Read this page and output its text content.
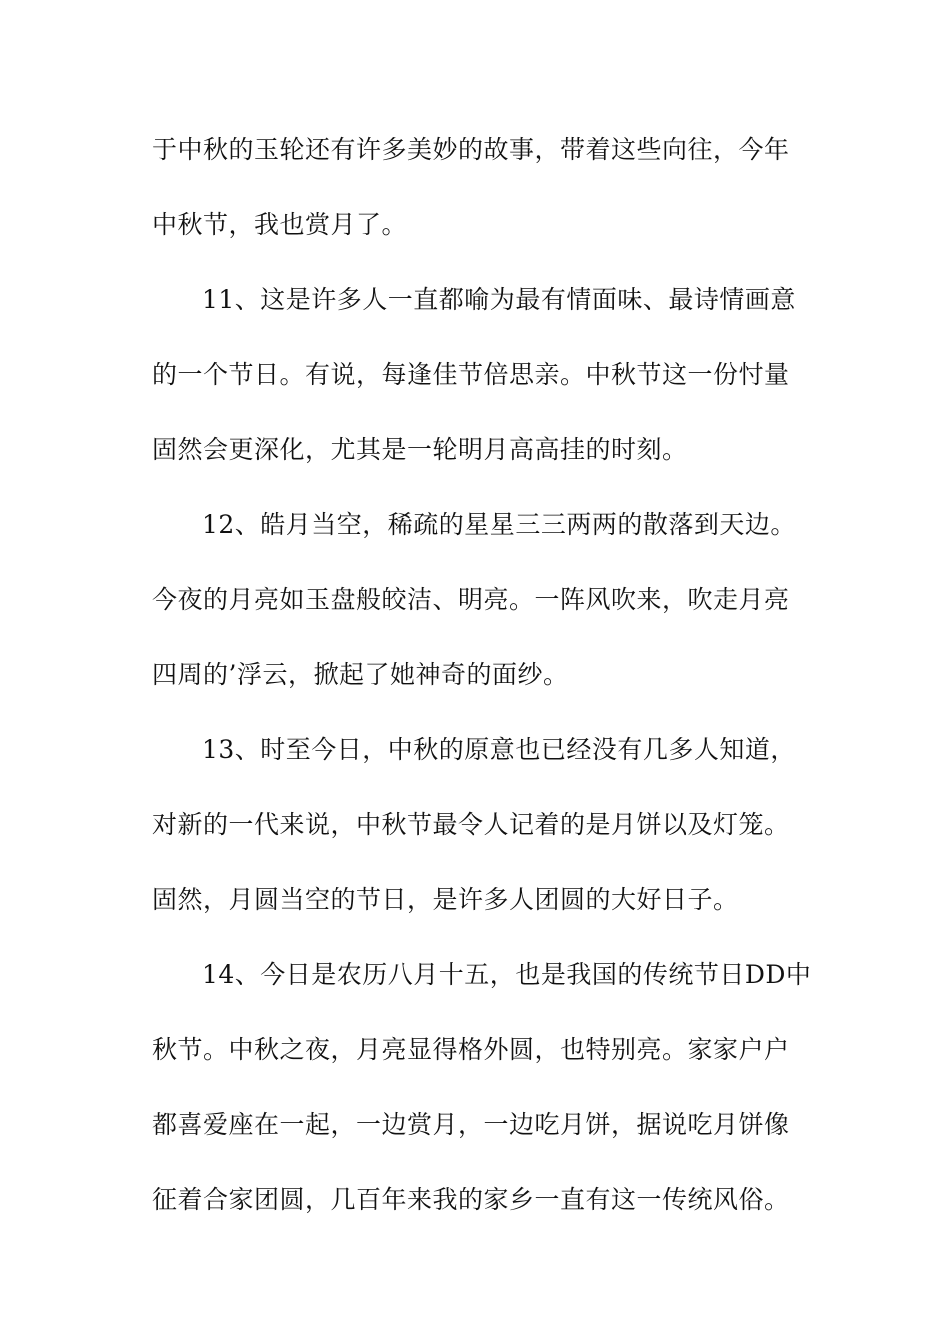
于中秋的玉轮还有许多美妙的故事，带着这些向往，今年
中秋节，我也赏月了。
11、这是许多人一直都喻为最有情面味、最诗情画意
的一个节日。有说，每逢佳节倍思亲。中秋节这一份忖量
固然会更深化，尤其是一轮明月高高挂的时刻。
12、皓月当空，稀疏的星星三三两两的散落到天边。
今夜的月亮如玉盘般皎洁、明亮。一阵风吹来，吹走月亮
四周的’浮云，掀起了她神奇的面纱。
13、时至今日，中秋的原意也已经没有几多人知道，
对新的一代来说，中秋节最令人记着的是月饼以及灯笼。
固然，月圆当空的节日，是许多人团圆的大好日子。
14、今日是农历八月十五，也是我国的传统节日DD中
秋节。中秋之夜，月亮显得格外圆，也特别亮。家家户户
都喜爱座在一起，一边赏月，一边吃月饼，据说吃月饼像
征着合家团圆，几百年来我的家乡一直有这一传统风俗。
